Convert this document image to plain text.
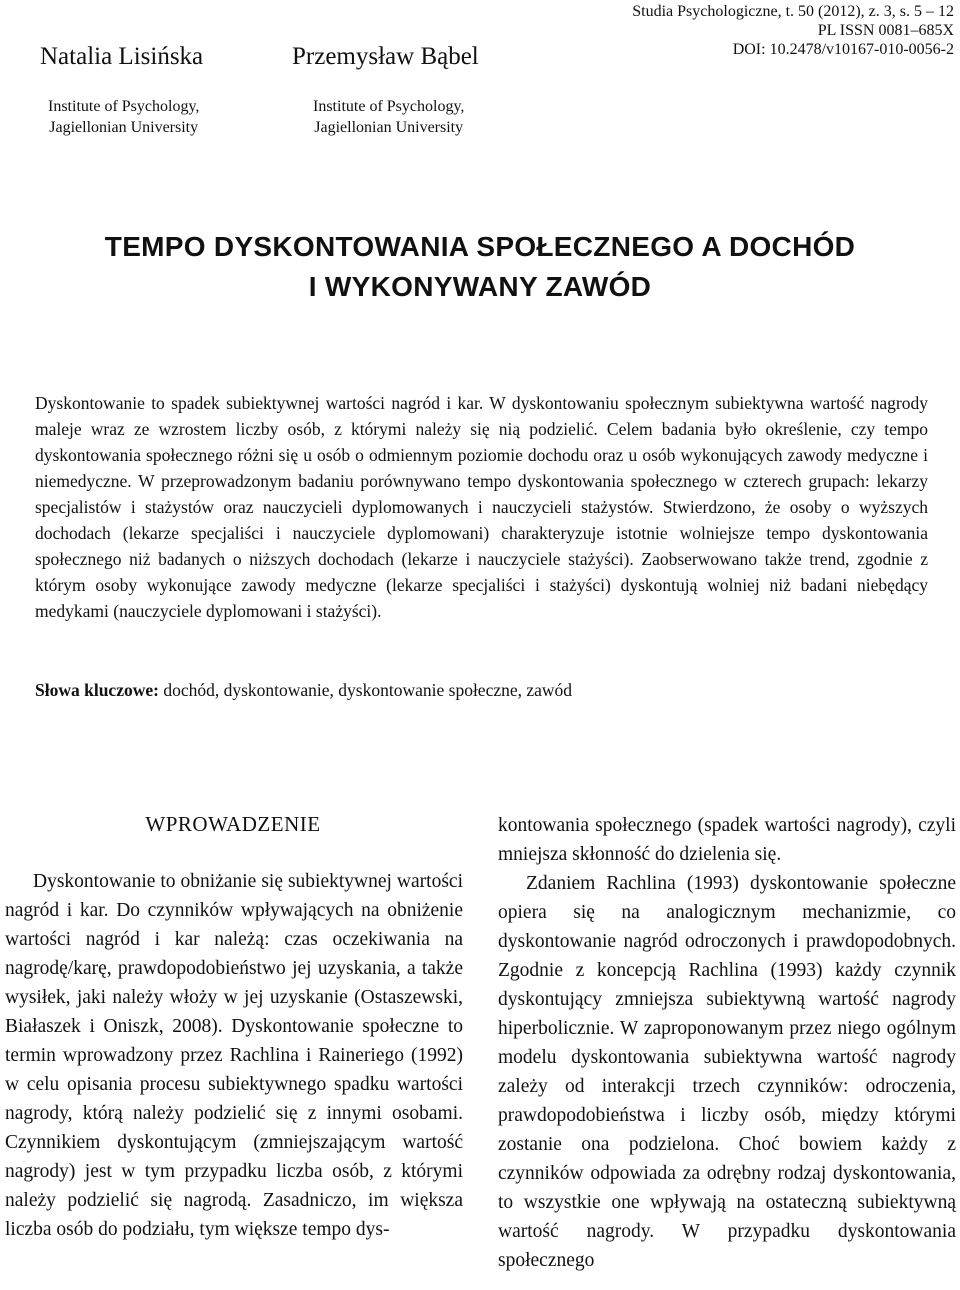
Studia Psychologiczne, t. 50 (2012), z. 3, s. 5 – 12
PL ISSN 0081–685X
DOI: 10.2478/v10167-010-0056-2
Natalia Lisińska	Przemysław Bąbel
Institute of Psychology,
Jagiellonian University
Institute of Psychology,
Jagiellonian University
TEMPO DYSKONTOWANIA SPOŁECZNEGO A DOCHÓD
I WYKONYWANY ZAWÓD

Dyskontowanie to spadek subiektywnej wartości nagród i kar. W dyskontowaniu społecznym subiektywna wartość nagrody maleje wraz ze wzrostem liczby osób, z którymi należy się nią podzielić. Celem badania było określenie, czy tempo dyskontowania społecznego różni się u osób o odmiennym poziomie dochodu oraz u osób wykonujących zawody medyczne i niemedyczne. W przeprowadzonym badaniu porównywano tempo dyskontowania społecznego w czterech grupach: lekarzy specjalistów i stażystów oraz nauczycieli dyplomowanych i nauczycieli stażystów. Stwierdzono, że osoby o wyższych dochodach (lekarze specjaliści i nauczyciele dyplomowani) charakteryzuje istotnie wolniejsze tempo dyskontowania społecznego niż badanych o niższych dochodach (lekarze i nauczyciele stażyści). Zaobserwowano także trend, zgodnie z którym osoby wykonujące zawody medyczne (lekarze specjaliści i stażyści) dyskontują wolniej niż badani niebędący medykami (nauczyciele dyplomowani i stażyści).

Słowa kluczowe: dochód, dyskontowanie, dyskontowanie społeczne, zawód

WPROWADZENIE

Dyskontowanie to obniżanie się subiektywnej wartości nagród i kar. Do czynników wpływających na obniżenie wartości nagród i kar należą: czas oczekiwania na nagrodę/karę, prawdopodobieństwo jej uzyskania, a także wysiłek, jaki należy włoży w jej uzyskanie (Ostaszewski, Białaszek i Oniszk, 2008). Dyskontowanie społeczne to termin wprowadzony przez Rachlina i Raineriego (1992) w celu opisania procesu subiektywnego spadku wartości nagrody, którą należy podzielić się z innymi osobami. Czynnikiem dyskontującym (zmniejszającym wartość nagrody) jest w tym przypadku liczba osób, z którymi należy podzielić się nagrodą. Zasadniczo, im większa liczba osób do podziału, tym większe tempo dys-

kontowania społecznego (spadek wartości nagrody), czyli mniejsza skłonność do dzielenia się.

Zdaniem Rachlina (1993) dyskontowanie społeczne opiera się na analogicznym mechanizmie, co dyskontowanie nagród odroczonych i prawdopodobnych. Zgodnie z koncepcją Rachlina (1993) każdy czynnik dyskontujący zmniejsza subiektywną wartość nagrody hiperbolicznie. W zaproponowanym przez niego ogólnym modelu dyskontowania subiektywna wartość nagrody zależy od interakcji trzech czynników: odroczenia, prawdopodobieństwa i liczby osób, między którymi zostanie ona podzielona. Choć bowiem każdy z czynników odpowiada za odrębny rodzaj dyskontowania, to wszystkie one wpływają na ostateczną subiektywną wartość nagrody. W przypadku dyskontowania społecznego
